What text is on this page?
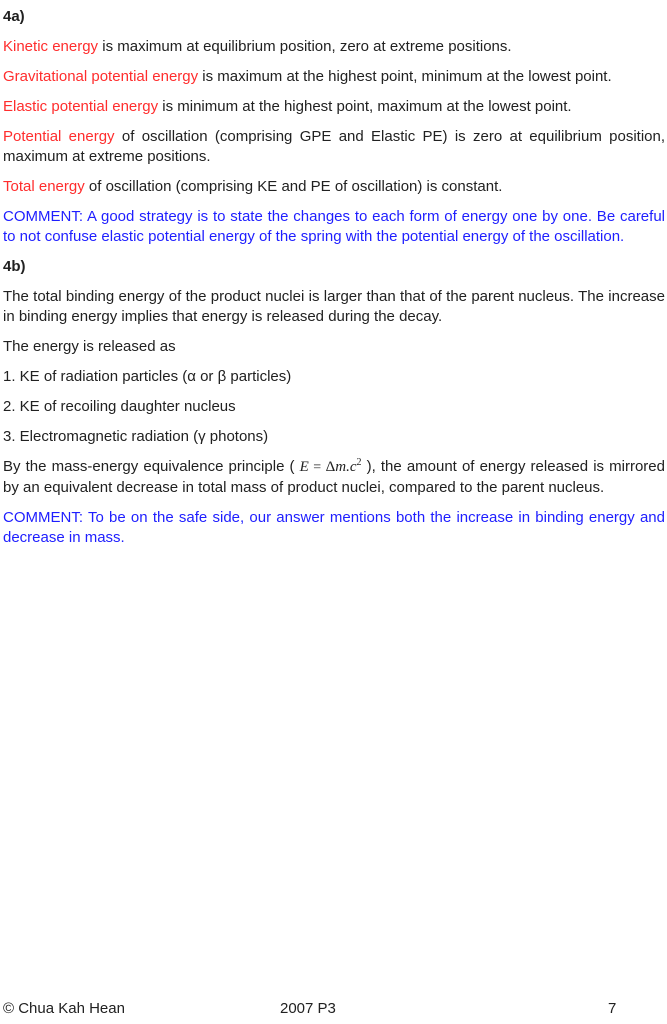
4a)

Kinetic energy is maximum at equilibrium position, zero at extreme positions.

Gravitational potential energy is maximum at the highest point, minimum at the lowest point.

Elastic potential energy is minimum at the highest point, maximum at the lowest point.

Potential energy of oscillation (comprising GPE and Elastic PE) is zero at equilibrium position, maximum at extreme positions.

Total energy of oscillation (comprising KE and PE of oscillation) is constant.

COMMENT: A good strategy is to state the changes to each form of energy one by one. Be careful to not confuse elastic potential energy of the spring with the potential energy of the oscillation.

4b)

The total binding energy of the product nuclei is larger than that of the parent nucleus. The increase in binding energy implies that energy is released during the decay.

The energy is released as

1. KE of radiation particles (α or β particles)

2. KE of recoiling daughter nucleus

3. Electromagnetic radiation (γ photons)

By the mass-energy equivalence principle ( $E = \Delta m.c^2$ ), the amount of energy released is mirrored by an equivalent decrease in total mass of product nuclei, compared to the parent nucleus.

COMMENT: To be on the safe side, our answer mentions both the increase in binding energy and decrease in mass.

© Chua Kah Hean	2007 P3	7
